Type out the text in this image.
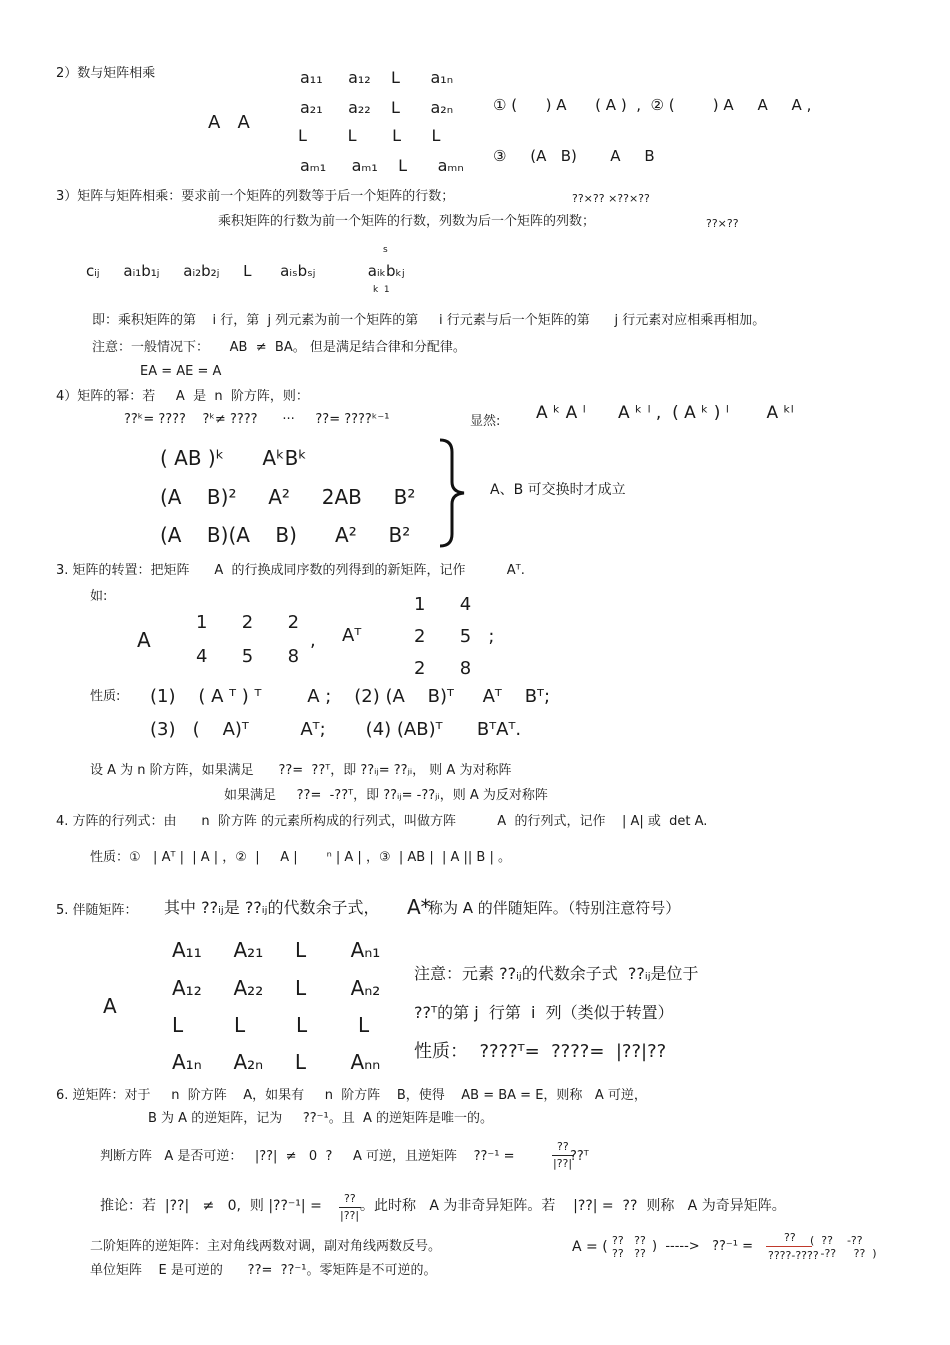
2）数与矩阵相乘
A   A
a₁₁     a₁₂    L      a₁ₙ
a₂₁     a₂₂    L      a₂ₙ
L        L       L      L
aₘ₁     aₘ₁    L      aₘₙ
① (      ) A      ( A )  ,  ② (        ) A     A     A ,
③     (A   B)       A     B
3）矩阵与矩阵相乘：要求前一个矩阵的列数等于后一个矩阵的行数；	??×?? ×??×??
乘积矩阵的行数为前一个矩阵的行数，列数为后一个矩阵的列数；	??×??
s
cᵢⱼ     aᵢ₁b₁ⱼ     aᵢ₂b₂ⱼ     L      aᵢₛbₛⱼ           aᵢₖbₖⱼ
k  1
即：乘积矩阵的第    i 行，第  j 列元素为前一个矩阵的第     i 行元素与后一个矩阵的第      j 行元素对应相乘再相加。
注意：一般情况下：     AB  ≠  BA。 但是满足结合律和分配律。
EA = AE = A
4）矩阵的幂：若     A  是  n  阶方阵，则：
??ᵏ= ????    ?ᵏ≠ ????      ···     ??= ????ᵏ⁻¹	显然: A ᵏ A ˡ      A ᵏ ˡ ,  ( A ᵏ ) ˡ       A ᵏˡ
( AB )ᵏ      AᵏBᵏ
(A    B)²     A²     2AB     B²
(A    B)(A    B)      A²     B²
A、B 可交换时才成立
3. 矩阵的转置：把矩阵      A  的行换成同序数的列得到的新矩阵，记作          Aᵀ.
如:
A
1      2      2
4      5      8
, Aᵀ
1      4
2      5   ;
2      8
性质: (1)    ( A ᵀ ) ᵀ        A ;    (2) (A    B)ᵀ     Aᵀ    Bᵀ;
(3)   (    A)ᵀ         Aᵀ;       (4) (AB)ᵀ      BᵀAᵀ.
设 A 为 n 阶方阵，如果满足      ??=  ??ᵀ，即 ??ᵢⱼ= ??ⱼᵢ， 则 A 为对称阵
如果满足     ??=  -??ᵀ，即 ??ᵢⱼ= -??ⱼᵢ，则 A 为反对称阵
4. 方阵的行列式：由      n  阶方阵 的元素所构成的行列式，叫做方阵          A  的行列式，记作    | A| 或  det A.
性质：①   | Aᵀ |  | A | ，②  |     A |       ⁿ | A | ，③  | AB |  | A || B | 。
5. 伴随矩阵： 其中 ??ᵢⱼ是 ??ᵢⱼ的代数余子式， A*
称为 A 的伴随矩阵。（特别注意符号）
A
A₁₁     A₂₁     L       Aₙ₁
A₁₂     A₂₂     L       Aₙ₂
L        L        L        L
A₁ₙ     A₂ₙ     L       Aₙₙ
注意：元素 ??ᵢⱼ的代数余子式  ??ᵢⱼ是位于
??ᵀ的第 j  行第  i  列（类似于转置）
性质：  ????ᵀ=  ????=  |??|??
6. 逆矩阵：对于     n  阶方阵    A，如果有     n  阶方阵    B，使得    AB = BA = E，则称   A 可逆，
B 为 A 的逆矩阵，记为     ??⁻¹。且  A 的逆矩阵是唯一的。
判断方阵   A 是否可逆：   |??|  ≠   0  ?     A 可逆，且逆矩阵    ??⁻¹ =
??
|??|
??ᵀ
推论：若  |??|   ≠   0,  则 |??⁻¹| = ??
|??|
。此时称   A 为非奇异矩阵。若    |??| =  ??  则称   A 为奇异矩阵。
二阶矩阵的逆矩阵：主对角线两数对调，副对角线两数反号。	A = ( ??   ??
??   ?? )  ----->   ??⁻¹ =
??
????-????
(  ??    -??
-??     ??  )
单位矩阵    E 是可逆的      ??=  ??⁻¹。零矩阵是不可逆的。
